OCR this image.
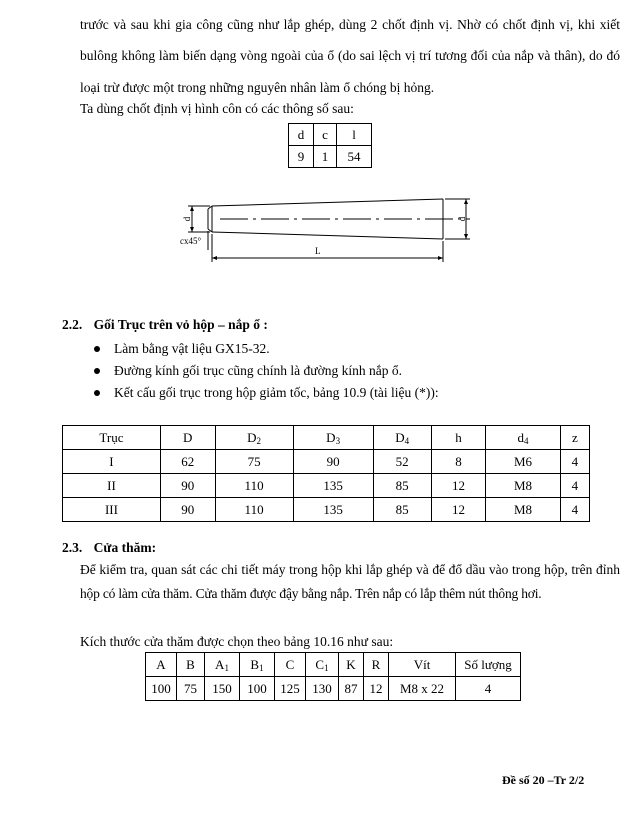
trước và sau khi gia công cũng như lắp ghép, dùng 2 chốt định vị. Nhờ có chốt định vị, khi xiết

bulông không làm biến dạng vòng ngoài của ổ (do sai lệch vị trí tương đối của nắp và thân), do đó

loại trừ được một trong những nguyên nhân làm ổ chóng bị hỏng.

Ta dùng chốt định vị hình côn có các thông số sau:

d	c	l
9	1	54
d	d
cx45°
L
2.2. Gối Trục trên vỏ hộp – nắp ổ :
Làm bằng vật liệu GX15-32.
Đường kính gối trục cũng chính là đường kính nắp ổ.
Kết cấu gối trục trong hộp giảm tốc, bảng 10.9 (tài liệu (*)):
Trục	D	$D_2$	$D_3$	$D_4$	h	$d_4$	z
I	62	75	90	52	8	M6	4
II	90	110	135	85	12	M8	4
III	90	110	135	85	12	M8	4
2.3. Cửa thăm:

Để kiểm tra, quan sát các chi tiết máy trong hộp khi lắp ghép và để đổ dầu vào trong hộp, trên đỉnh

hộp có làm cửa thăm. Cửa thăm được đậy bằng nắp. Trên nắp có lắp thêm nút thông hơi.

Kích thước cửa thăm được chọn theo bảng 10.16 như sau:

A	B	$A_1$	$B_1$	C	$C_1$	K	R	Vít	Số lượng
100	75	150	100	125	130	87	12	M8 x 22	4
Đề số 20 –Tr 2/2
